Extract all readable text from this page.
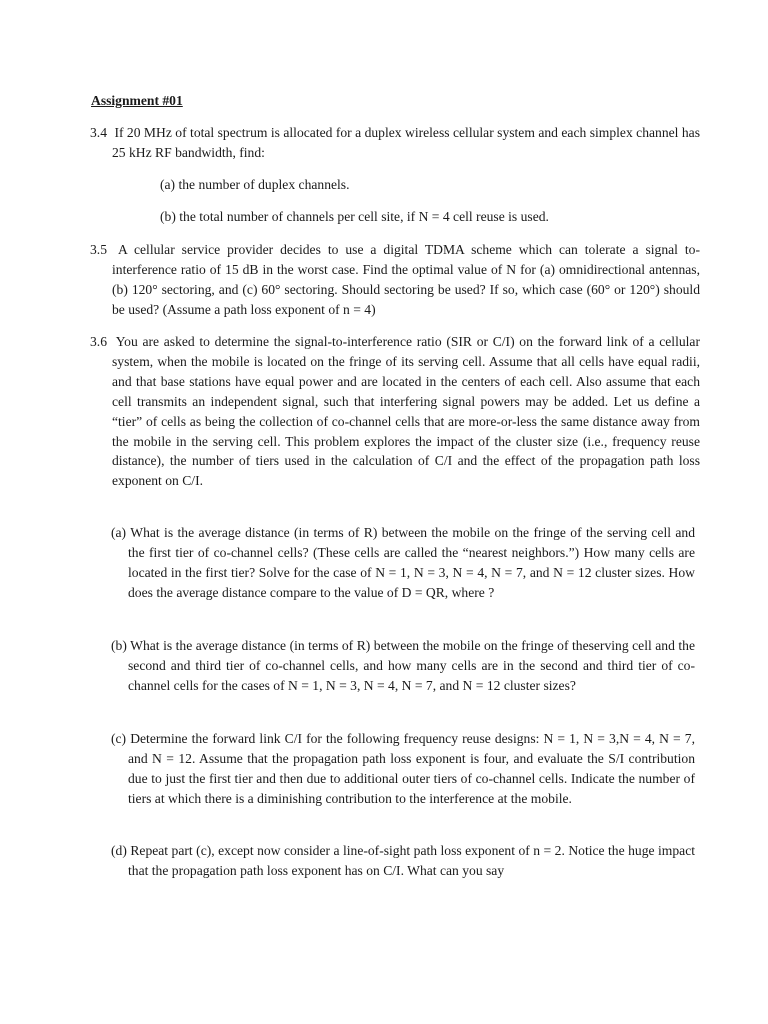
Assignment #01

3.4 If 20 MHz of total spectrum is allocated for a duplex wireless cellular system and each simplex channel has 25 kHz RF bandwidth, find:

(a) the number of duplex channels.

(b) the total number of channels per cell site, if N = 4 cell reuse is used.

3.5 A cellular service provider decides to use a digital TDMA scheme which can tolerate a signal to-interference ratio of 15 dB in the worst case. Find the optimal value of N for (a) omnidirectional antennas, (b) 120° sectoring, and (c) 60° sectoring. Should sectoring be used? If so, which case (60° or 120°) should be used? (Assume a path loss exponent of n = 4)

3.6 You are asked to determine the signal-to-interference ratio (SIR or C/I) on the forward link of a cellular system, when the mobile is located on the fringe of its serving cell. Assume that all cells have equal radii, and that base stations have equal power and are located in the centers of each cell. Also assume that each cell transmits an independent signal, such that interfering signal powers may be added. Let us define a “tier” of cells as being the collection of co-channel cells that are more-or-less the same distance away from the mobile in the serving cell. This problem explores the impact of the cluster size (i.e., frequency reuse distance), the number of tiers used in the calculation of C/I and the effect of the propagation path loss exponent on C/I.

(a) What is the average distance (in terms of R) between the mobile on the fringe of the serving cell and the first tier of co-channel cells? (These cells are called the “nearest neighbors.”) How many cells are located in the first tier? Solve for the case of N = 1, N = 3, N = 4, N = 7, and N = 12 cluster sizes. How does the average distance compare to the value of D = QR, where ?

(b) What is the average distance (in terms of R) between the mobile on the fringe of theserving cell and the second and third tier of co-channel cells, and how many cells are in the second and third tier of co-channel cells for the cases of N = 1, N = 3, N = 4, N = 7, and N = 12 cluster sizes?

(c) Determine the forward link C/I for the following frequency reuse designs: N = 1, N = 3,N = 4, N = 7, and N = 12. Assume that the propagation path loss exponent is four, and evaluate the S/I contribution due to just the first tier and then due to additional outer tiers of co-channel cells. Indicate the number of tiers at which there is a diminishing contribution to the interference at the mobile.

(d) Repeat part (c), except now consider a line-of-sight path loss exponent of n = 2. Notice the huge impact that the propagation path loss exponent has on C/I. What can you say
